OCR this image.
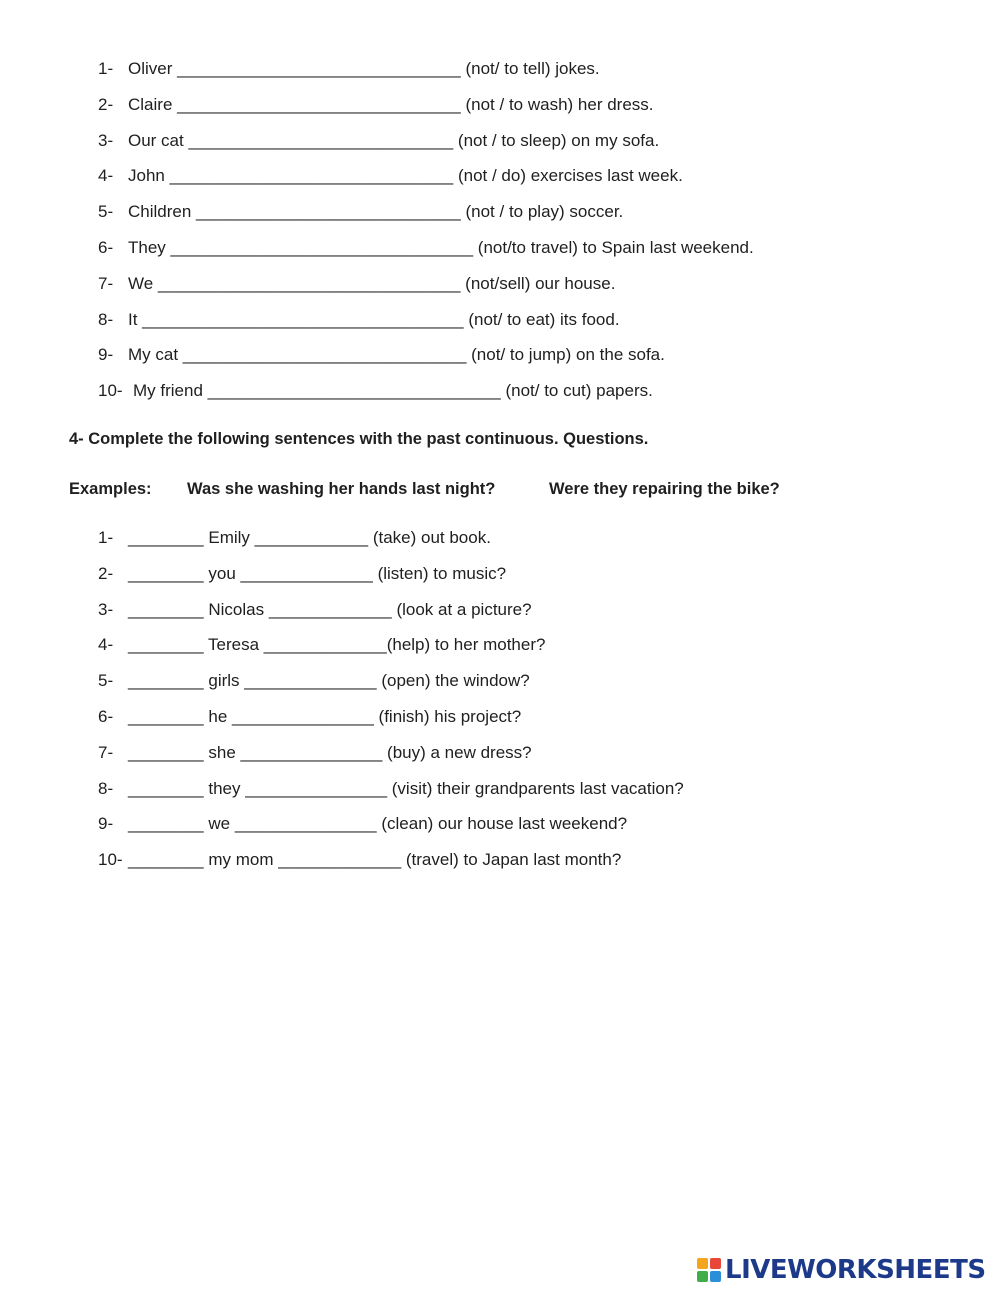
1- Oliver ______________________________ (not/ to tell) jokes.
2- Claire ______________________________ (not / to wash) her dress.
3- Our cat ____________________________ (not / to sleep) on my sofa.
4- John ______________________________ (not / do) exercises last week.
5- Children ____________________________ (not / to play) soccer.
6- They ________________________________ (not/to travel) to Spain last weekend.
7- We ________________________________ (not/sell) our house.
8- It __________________________________ (not/ to eat) its food.
9- My cat ______________________________ (not/ to jump) on the sofa.
10- My friend _______________________________ (not/ to cut) papers.
4- Complete the following sentences with the past continuous. Questions.
Examples: Was she washing her hands last night?	Were they repairing the bike?
1- ________ Emily ____________ (take) out book.
2- ________ you ______________ (listen) to music?
3- ________ Nicolas _____________ (look at a picture?
4- ________ Teresa _____________(help) to her mother?
5- ________ girls ______________ (open) the window?
6- ________ he _______________ (finish) his project?
7- ________ she _______________ (buy) a new dress?
8- ________ they _______________ (visit) their grandparents last vacation?
9- ________ we _______________ (clean) our house last weekend?
10- ________ my mom _____________ (travel) to Japan last month?
LIVEWORKSHEETS
